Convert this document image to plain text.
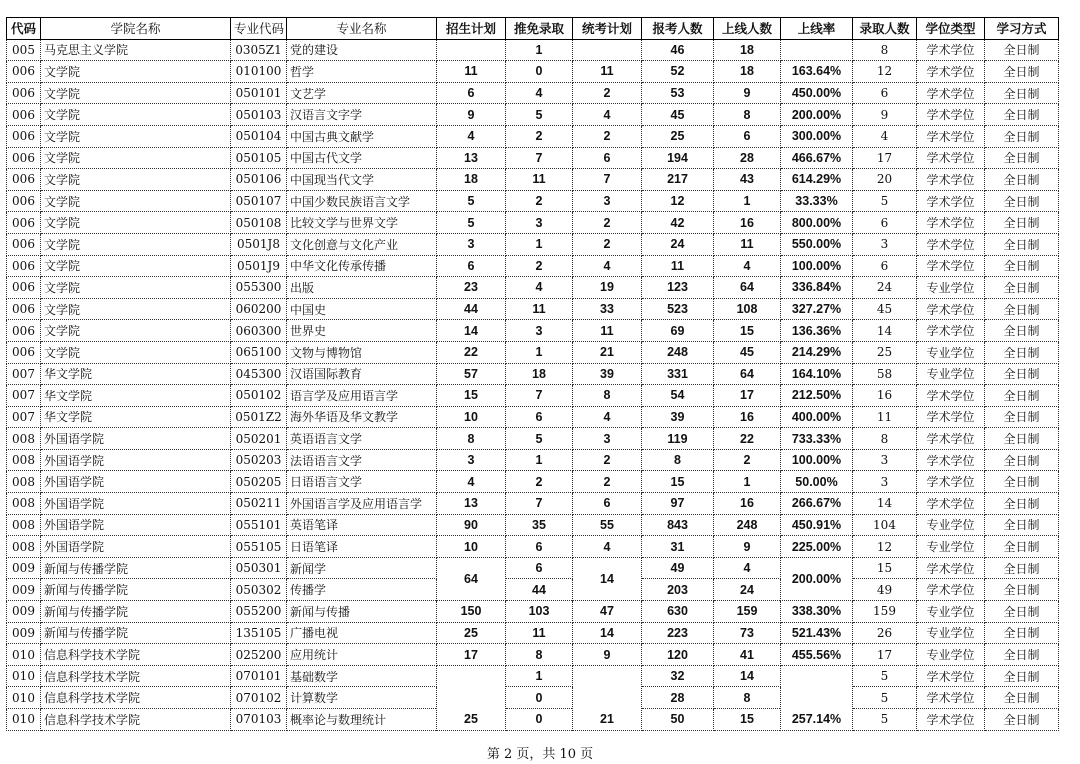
代码	学院名称	专业代码	专业名称	招生计划	推免录取	统考计划	报考人数	上线人数	上线率	录取人数	学位类型	学习方式
005	马克思主义学院	0305Z1	党的建设		1		46	18		8	学术学位	全日制
006	文学院	010100	哲学	11	0	11	52	18	163.64%	12	学术学位	全日制
006	文学院	050101	文艺学	6	4	2	53	9	450.00%	6	学术学位	全日制
006	文学院	050103	汉语言文字学	9	5	4	45	8	200.00%	9	学术学位	全日制
006	文学院	050104	中国古典文献学	4	2	2	25	6	300.00%	4	学术学位	全日制
006	文学院	050105	中国古代文学	13	7	6	194	28	466.67%	17	学术学位	全日制
006	文学院	050106	中国现当代文学	18	11	7	217	43	614.29%	20	学术学位	全日制
006	文学院	050107	中国少数民族语言文学	5	2	3	12	1	33.33%	5	学术学位	全日制
006	文学院	050108	比较文学与世界文学	5	3	2	42	16	800.00%	6	学术学位	全日制
006	文学院	0501J8	文化创意与文化产业	3	1	2	24	11	550.00%	3	学术学位	全日制
006	文学院	0501J9	中华文化传承传播	6	2	4	11	4	100.00%	6	学术学位	全日制
006	文学院	055300	出版	23	4	19	123	64	336.84%	24	专业学位	全日制
006	文学院	060200	中国史	44	11	33	523	108	327.27%	45	学术学位	全日制
006	文学院	060300	世界史	14	3	11	69	15	136.36%	14	学术学位	全日制
006	文学院	065100	文物与博物馆	22	1	21	248	45	214.29%	25	专业学位	全日制
007	华文学院	045300	汉语国际教育	57	18	39	331	64	164.10%	58	专业学位	全日制
007	华文学院	050102	语言学及应用语言学	15	7	8	54	17	212.50%	16	学术学位	全日制
007	华文学院	0501Z2	海外华语及华文教学	10	6	4	39	16	400.00%	11	学术学位	全日制
008	外国语学院	050201	英语语言文学	8	5	3	119	22	733.33%	8	学术学位	全日制
008	外国语学院	050203	法语语言文学	3	1	2	8	2	100.00%	3	学术学位	全日制
008	外国语学院	050205	日语语言文学	4	2	2	15	1	50.00%	3	学术学位	全日制
008	外国语学院	050211	外国语言学及应用语言学	13	7	6	97	16	266.67%	14	学术学位	全日制
008	外国语学院	055101	英语笔译	90	35	55	843	248	450.91%	104	专业学位	全日制
008	外国语学院	055105	日语笔译	10	6	4	31	9	225.00%	12	专业学位	全日制
009	新闻与传播学院	050301	新闻学	64	6	14	49	4	200.00%	15	学术学位	全日制
009	新闻与传播学院	050302	传播学		44		203	24		49	学术学位	全日制
009	新闻与传播学院	055200	新闻与传播	150	103	47	630	159	338.30%	159	专业学位	全日制
009	新闻与传播学院	135105	广播电视	25	11	14	223	73	521.43%	26	专业学位	全日制
010	信息科学技术学院	025200	应用统计	17	8	9	120	41	455.56%	17	专业学位	全日制
010	信息科学技术学院	070101	基础数学	25	1	21	32	14	257.14%	5	学术学位	全日制
010	信息科学技术学院	070102	计算数学		0		28	8		5	学术学位	全日制
010	信息科学技术学院	070103	概率论与数理统计		0		50	15		5	学术学位	全日制
第 2 页，共 10 页
